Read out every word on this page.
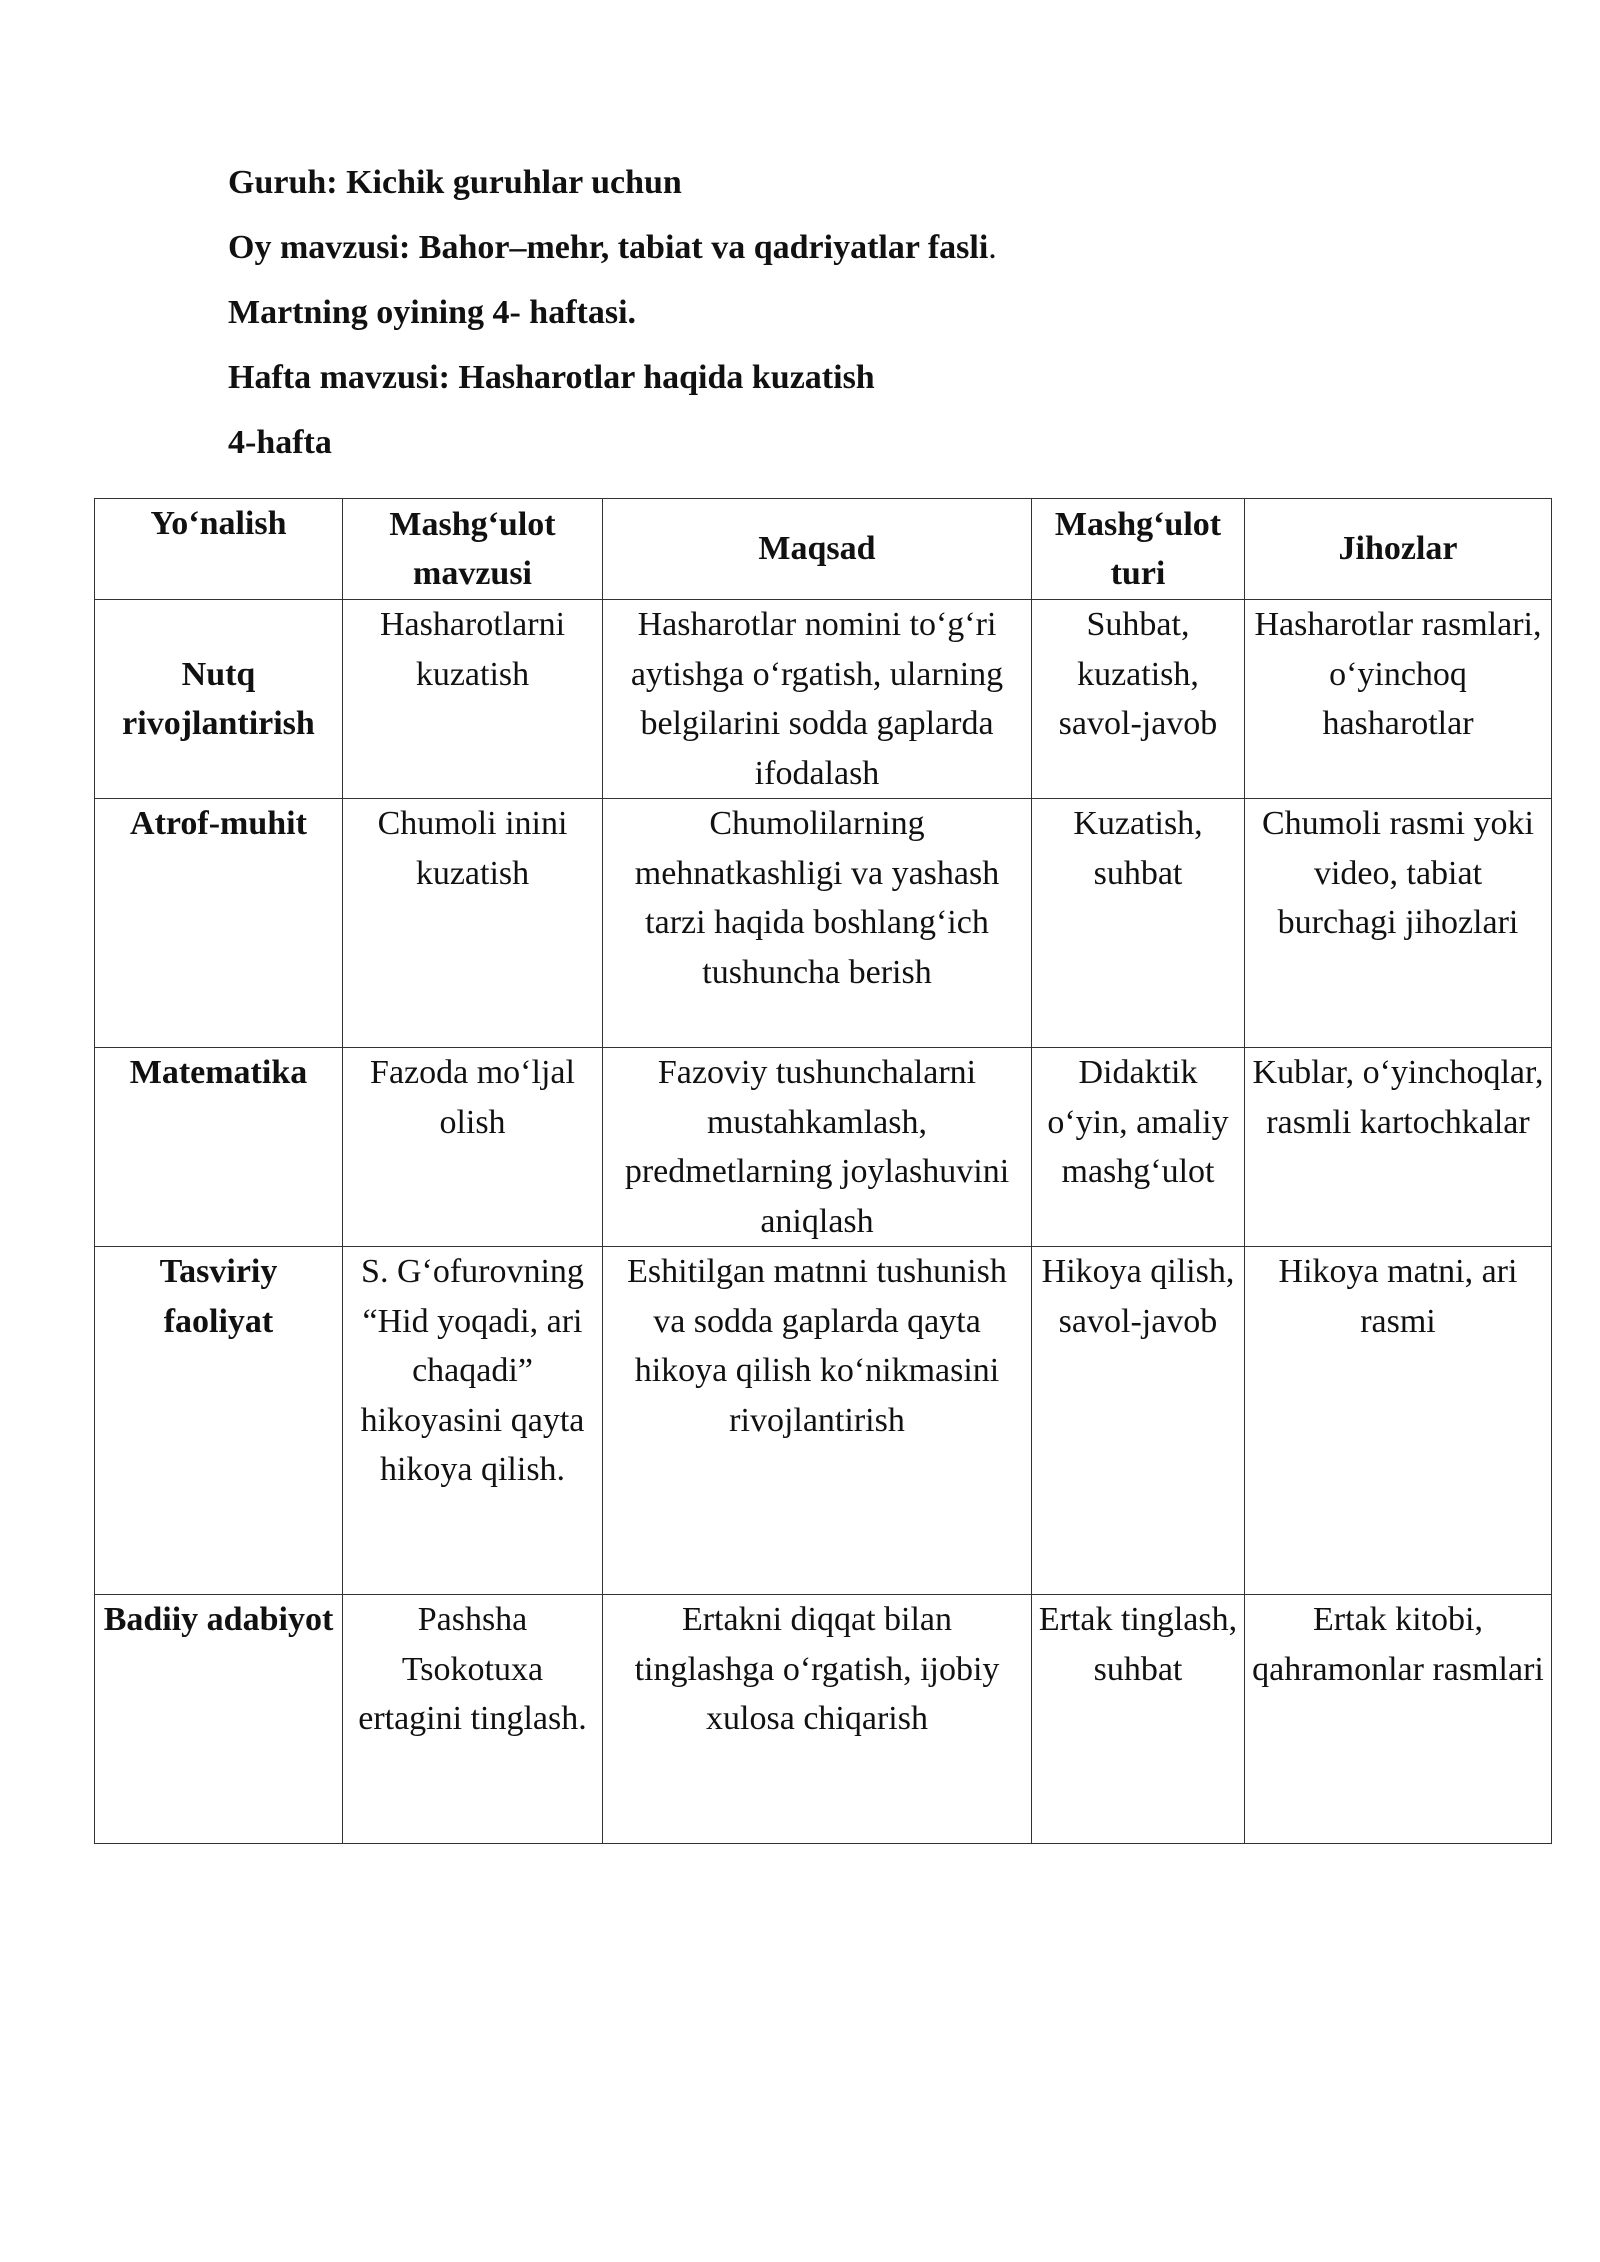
Guruh: Kichik guruhlar uchun

Oy mavzusi: Bahor–mehr, tabiat va qadriyatlar fasli.

Martning oyining 4- haftasi.

Hafta mavzusi: Hasharotlar haqida kuzatish

4-hafta

Yo‘nalish	Mashg‘ulot mavzusi	Maqsad	Mashg‘ulot turi	Jihozlar
Nutq rivojlantirish	Hasharotlarni kuzatish	Hasharotlar nomini to‘g‘ri aytishga o‘rgatish, ularning belgilarini sodda gaplarda ifodalash	Suhbat, kuzatish, savol-javob	Hasharotlar rasmlari, o‘yinchoq hasharotlar
Atrof-muhit	Chumoli inini kuzatish	Chumolilarning mehnatkashligi va yashash tarzi haqida boshlang‘ich tushuncha berish	Kuzatish, suhbat	Chumoli rasmi yoki video, tabiat burchagi jihozlari
Matematika	Fazoda mo‘ljal olish	Fazoviy tushunchalarni mustahkamlash, predmetlarning joylashuvini aniqlash	Didaktik o‘yin, amaliy mashg‘ulot	Kublar, o‘yinchoqlar, rasmli kartochkalar
Tasviriy faoliyat	S. G‘ofurovning “Hid yoqadi, ari chaqadi” hikoyasini qayta hikoya qilish.	Eshitilgan matnni tushunish va sodda gaplarda qayta hikoya qilish ko‘nikmasini rivojlantirish	Hikoya qilish, savol-javob	Hikoya matni, ari rasmi
Badiiy adabiyot	Pashsha Tsokotuxa ertagini tinglash.	Ertakni diqqat bilan tinglashga o‘rgatish, ijobiy xulosa chiqarish	Ertak tinglash, suhbat	Ertak kitobi, qahramonlar rasmlari
